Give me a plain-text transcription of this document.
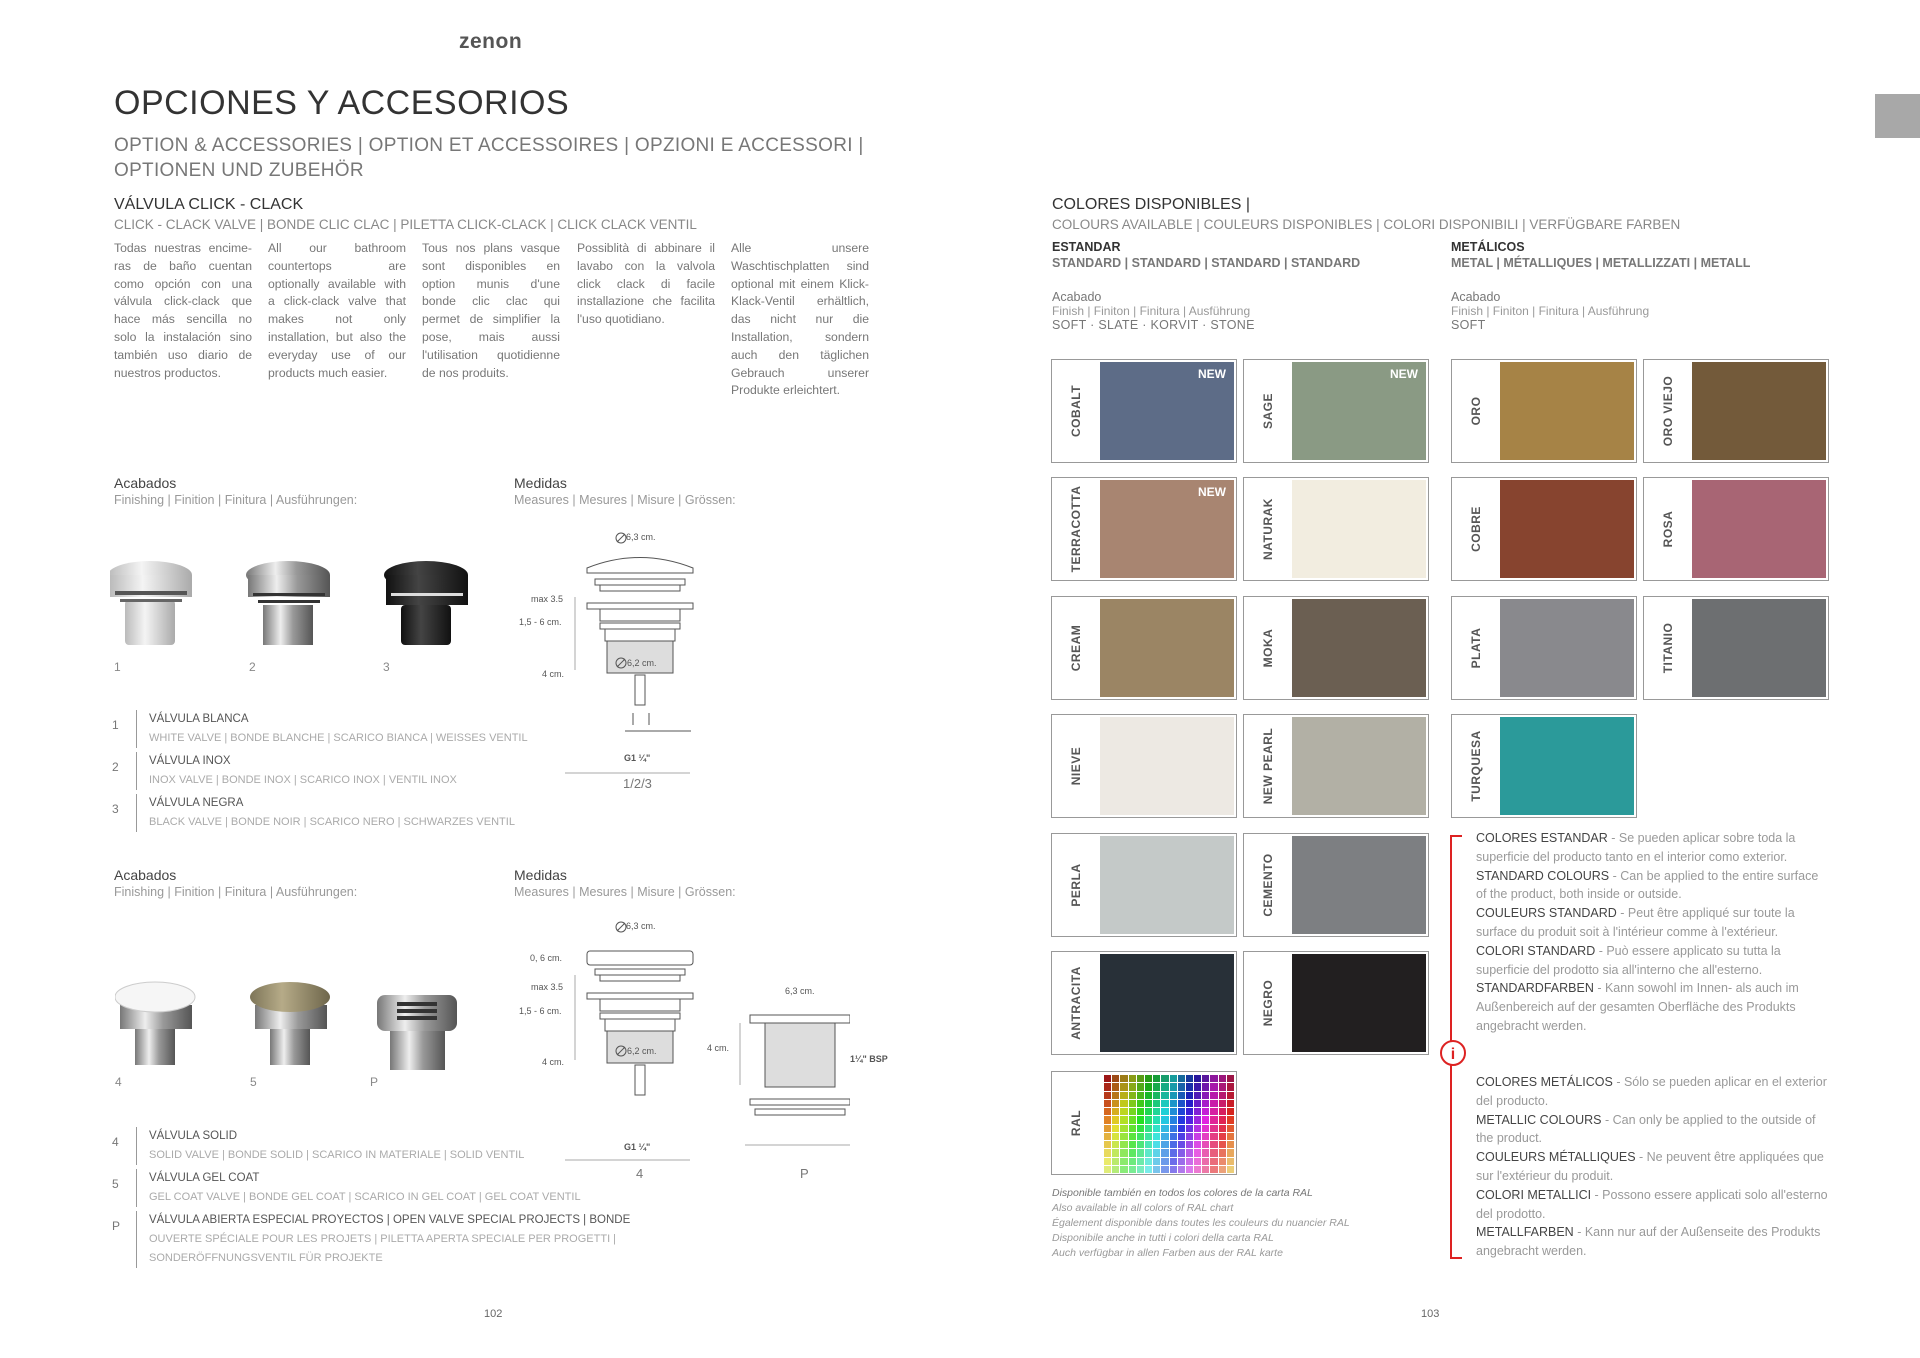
zenon
OPCIONES Y ACCESORIOS
OPTION & ACCESSORIES | OPTION ET ACCESSOIRES | OPZIONI E ACCESSORI |
OPTIONEN UND ZUBEHÖR
VÁLVULA CLICK - CLACK
CLICK - CLACK VALVE | BONDE CLIC CLAC | PILETTA CLICK-CLACK | CLICK CLACK VENTIL
Todas nuestras encime-ras de baño cuentan como opción con una válvula click-clack que hace más sencilla no solo la instalación sino también uso diario de nuestros productos.
All our bathroom countertops are optionally available with a click-clack valve that makes not only installation, but also the everyday use of our products much easier.
Tous nos plans vasque sont disponibles en option munis d'une bonde clic clac qui permet de simplifier la pose, mais aussi l'utilisation quotidienne de nos produits.
Possiblità di abbinare il lavabo con la valvola click clack di facile installazione che facilita l'uso quotidiano.
Alle unsere Waschtischplatten sind optional mit einem Klick-Klack-Ventil erhältlich, das nicht nur die Installation, sondern auch den täglichen Gebrauch unserer Produkte erleichtert.
Acabados
Finishing | Finition | Finitura | Ausführungen:
Medidas
Measures | Mesures | Misure | Grössen:
1	2	3
6,3 cm.
max 3.5
1,5 - 6 cm.
6,2 cm.
4 cm.
G1 ¼"
1/2/3
1	VÁLVULA BLANCA
WHITE VALVE | BONDE BLANCHE | SCARICO BIANCA | WEISSES VENTIL
2	VÁLVULA INOX
INOX VALVE | BONDE INOX | SCARICO INOX | VENTIL INOX
3	VÁLVULA NEGRA
BLACK VALVE | BONDE NOIR | SCARICO NERO | SCHWARZES VENTIL
Acabados
Finishing | Finition | Finitura | Ausführungen:
Medidas
Measures | Mesures | Misure | Grössen:
4	5	P
6,3 cm.
0, 6 cm.
max 3.5
1,5 - 6 cm.
6,2 cm.
4 cm.
G1 ¼"
4
6,3 cm.
4 cm.
1¼" BSP
P
4	VÁLVULA SOLID
SOLID VALVE | BONDE SOLID | SCARICO IN MATERIALE | SOLID VENTIL
5	VÁLVULA GEL COAT
GEL COAT VALVE | BONDE GEL COAT | SCARICO IN GEL COAT | GEL COAT VENTIL
P	VÁLVULA ABIERTA ESPECIAL PROYECTOS | OPEN VALVE SPECIAL PROJECTS | BONDE
OUVERTE SPÉCIALE POUR LES PROJETS | PILETTA APERTA SPECIALE PER PROGETTI |
SONDERÖFFNUNGSVENTIL FÜR PROJEKTE
102	103
COLORES DISPONIBLES |
COLOURS AVAILABLE | COULEURS DISPONIBLES | COLORI DISPONIBILI | VERFÜGBARE FARBEN
ESTANDAR
STANDARD | STANDARD | STANDARD | STANDARD
Acabado
Finish | Finiton | Finitura | Ausführung
SOFT · SLATE · KORVIT · STONE
METÁLICOS
METAL | MÉTALLIQUES | METALLIZZATI | METALL
Acabado
Finish | Finiton | Finitura | Ausführung
SOFT
COBALT
NEW
SAGE
NEW
TERRACOTTA	NEW
NATURAK
CREAM	MOKA
NIEVE	NEW PEARL
PERLA	CEMENTO
ANTRACITA	NEGRO
ORO	ORO VIEJO
COBRE	ROSA
PLATA	TITANIO
TURQUESA
RAL
Disponible también en todos los colores de la carta RAL
Also available in all colors of RAL chart
Également disponible dans toutes les couleurs du nuancier RAL
Disponibile anche in tutti i colori della carta RAL
Auch verfügbar in allen Farben aus der RAL karte
i
COLORES ESTANDAR - Se pueden aplicar sobre toda la superficie del producto tanto en el interior como exterior.
STANDARD COLOURS - Can be applied to the entire surface of the product, both inside or outside.
COULEURS STANDARD - Peut être appliqué sur toute la surface du produit soit à l'intérieur comme à l'extérieur.
COLORI STANDARD - Può essere applicato su tutta la superficie del prodotto sia all'interno che all'esterno.
STANDARDFARBEN - Kann sowohl im Innen- als auch im Außenbereich auf der gesamten Oberfläche des Produkts angebracht werden.
COLORES METÁLICOS - Sólo se pueden aplicar en el exterior del producto.
METALLIC COLOURS - Can only be applied to the outside of the product.
COULEURS MÉTALLIQUES - Ne peuvent être appliquées que sur l'extérieur du produit.
COLORI METALLICI - Possono essere applicati solo all'esterno del prodotto.
METALLFARBEN - Kann nur auf der Außenseite des Produkts angebracht werden.
